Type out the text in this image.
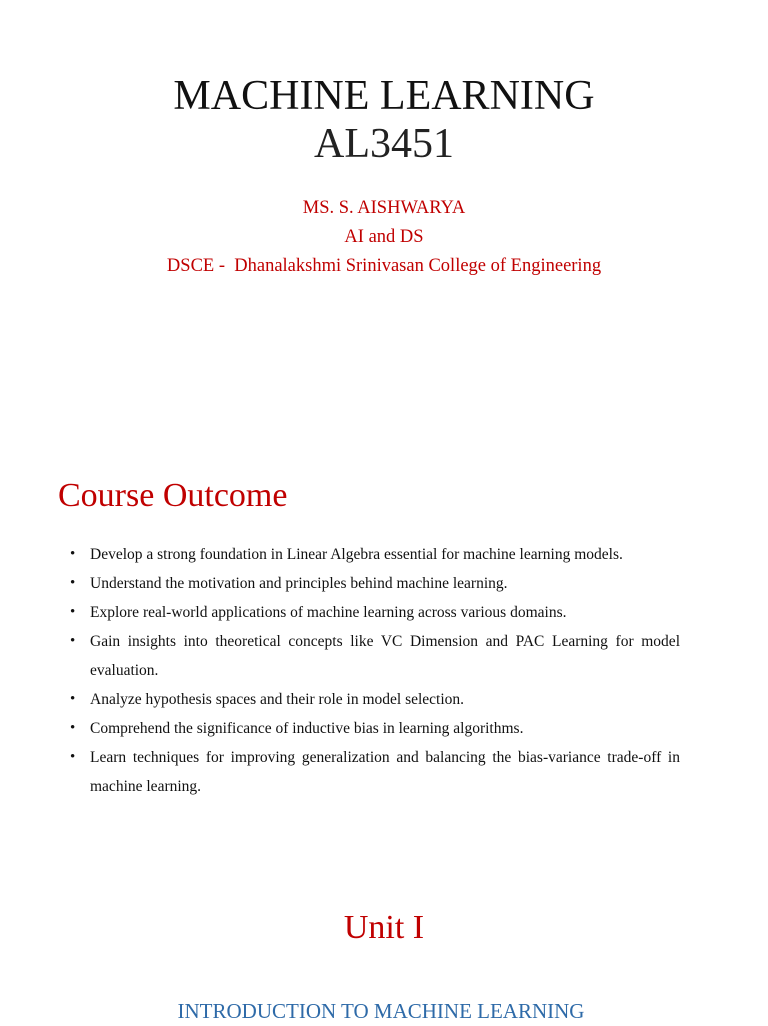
MACHINE LEARNING
AL3451

MS. S. AISHWARYA

AI and DS

DSCE -  Dhanalakshmi Srinivasan College of Engineering

Course Outcome
• Develop a strong foundation in Linear Algebra essential for machine learning models.
• Understand the motivation and principles behind machine learning.
• Explore real-world applications of machine learning across various domains.
• Gain insights into theoretical concepts like VC Dimension and PAC Learning for model evaluation.
• Analyze hypothesis spaces and their role in model selection.
• Comprehend the significance of inductive bias in learning algorithms.
• Learn techniques for improving generalization and balancing the bias-variance trade-off in machine learning.
Unit I
INTRODUCTION TO MACHINE LEARNING
